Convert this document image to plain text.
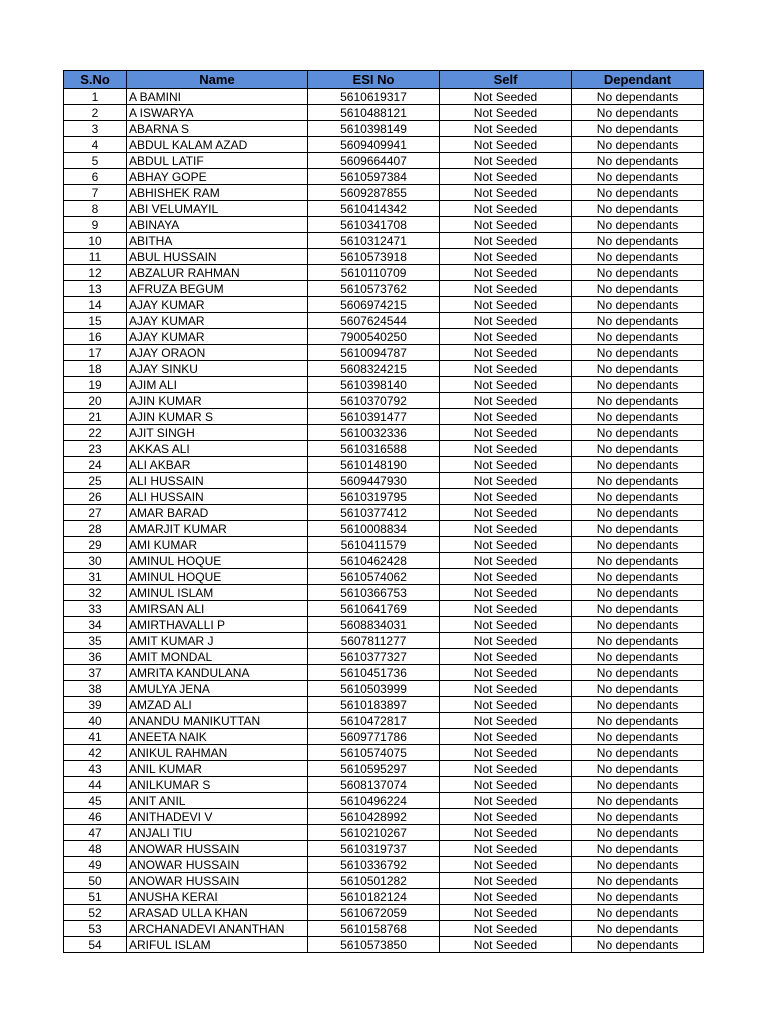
S.No	Name	ESI No	Self	Dependant
1	A BAMINI	5610619317	Not Seeded	No dependants
2	A ISWARYA	5610488121	Not Seeded	No dependants
3	ABARNA S	5610398149	Not Seeded	No dependants
4	ABDUL KALAM AZAD	5609409941	Not Seeded	No dependants
5	ABDUL LATIF	5609664407	Not Seeded	No dependants
6	ABHAY GOPE	5610597384	Not Seeded	No dependants
7	ABHISHEK RAM	5609287855	Not Seeded	No dependants
8	ABI VELUMAYIL	5610414342	Not Seeded	No dependants
9	ABINAYA	5610341708	Not Seeded	No dependants
10	ABITHA	5610312471	Not Seeded	No dependants
11	ABUL HUSSAIN	5610573918	Not Seeded	No dependants
12	ABZALUR RAHMAN	5610110709	Not Seeded	No dependants
13	AFRUZA BEGUM	5610573762	Not Seeded	No dependants
14	AJAY KUMAR	5606974215	Not Seeded	No dependants
15	AJAY KUMAR	5607624544	Not Seeded	No dependants
16	AJAY KUMAR	7900540250	Not Seeded	No dependants
17	AJAY ORAON	5610094787	Not Seeded	No dependants
18	AJAY SINKU	5608324215	Not Seeded	No dependants
19	AJIM ALI	5610398140	Not Seeded	No dependants
20	AJIN KUMAR	5610370792	Not Seeded	No dependants
21	AJIN KUMAR S	5610391477	Not Seeded	No dependants
22	AJIT SINGH	5610032336	Not Seeded	No dependants
23	AKKAS ALI	5610316588	Not Seeded	No dependants
24	ALI AKBAR	5610148190	Not Seeded	No dependants
25	ALI HUSSAIN	5609447930	Not Seeded	No dependants
26	ALI HUSSAIN	5610319795	Not Seeded	No dependants
27	AMAR BARAD	5610377412	Not Seeded	No dependants
28	AMARJIT KUMAR	5610008834	Not Seeded	No dependants
29	AMI KUMAR	5610411579	Not Seeded	No dependants
30	AMINUL HOQUE	5610462428	Not Seeded	No dependants
31	AMINUL HOQUE	5610574062	Not Seeded	No dependants
32	AMINUL ISLAM	5610366753	Not Seeded	No dependants
33	AMIRSAN ALI	5610641769	Not Seeded	No dependants
34	AMIRTHAVALLI P	5608834031	Not Seeded	No dependants
35	AMIT KUMAR J	5607811277	Not Seeded	No dependants
36	AMIT MONDAL	5610377327	Not Seeded	No dependants
37	AMRITA KANDULANA	5610451736	Not Seeded	No dependants
38	AMULYA JENA	5610503999	Not Seeded	No dependants
39	AMZAD ALI	5610183897	Not Seeded	No dependants
40	ANANDU MANIKUTTAN	5610472817	Not Seeded	No dependants
41	ANEETA NAIK	5609771786	Not Seeded	No dependants
42	ANIKUL RAHMAN	5610574075	Not Seeded	No dependants
43	ANIL KUMAR	5610595297	Not Seeded	No dependants
44	ANILKUMAR S	5608137074	Not Seeded	No dependants
45	ANIT ANIL	5610496224	Not Seeded	No dependants
46	ANITHADEVI V	5610428992	Not Seeded	No dependants
47	ANJALI TIU	5610210267	Not Seeded	No dependants
48	ANOWAR HUSSAIN	5610319737	Not Seeded	No dependants
49	ANOWAR HUSSAIN	5610336792	Not Seeded	No dependants
50	ANOWAR HUSSAIN	5610501282	Not Seeded	No dependants
51	ANUSHA KERAI	5610182124	Not Seeded	No dependants
52	ARASAD ULLA KHAN	5610672059	Not Seeded	No dependants
53	ARCHANADEVI ANANTHAN	5610158768	Not Seeded	No dependants
54	ARIFUL ISLAM	5610573850	Not Seeded	No dependants
